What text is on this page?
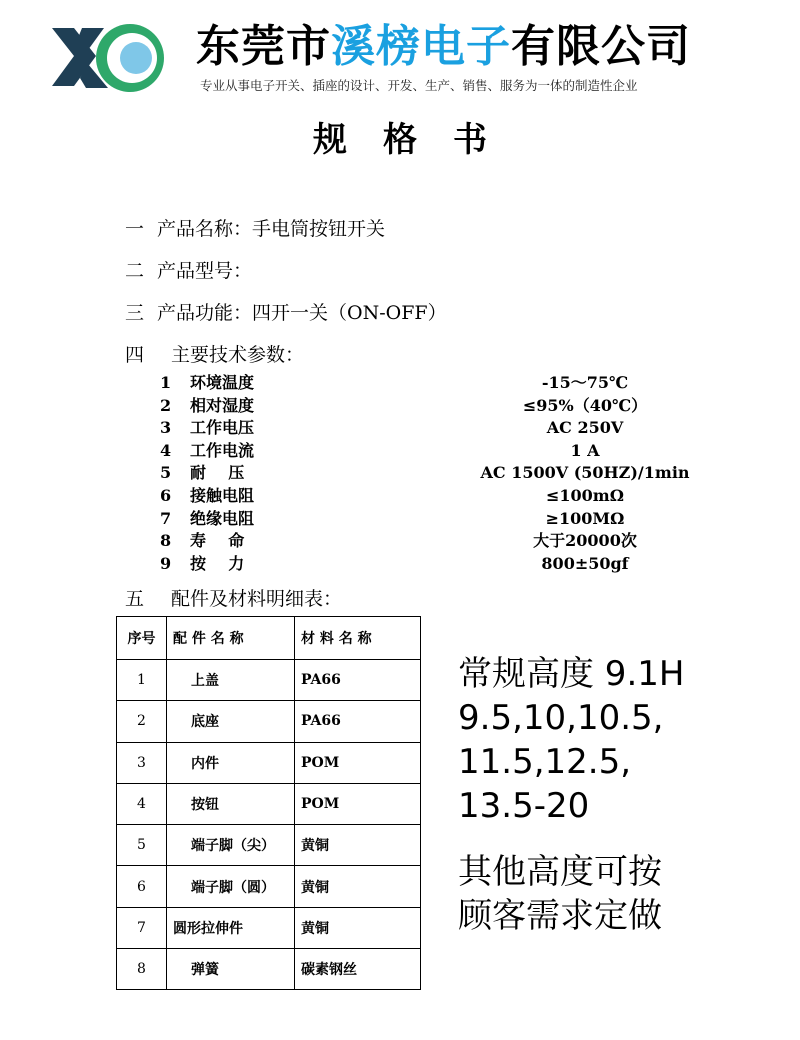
东莞市溪榜电子有限公司
专业从事电子开关、插座的设计、开发、生产、销售、服务为一体的制造性企业
规格书
一 产品名称：手电筒按钮开关
二 产品型号：
三 产品功能：四开一关（ON-OFF）
四 主要技术参数：
1	环境温度	-15～75℃
2	相对湿度	≤95%（40℃）
3	工作电压	AC 250V
4	工作电流	1 A
5	耐    压	AC 1500V (50HZ)/1min
6	接触电阻	≤100mΩ
7	绝缘电阻	≥100MΩ
8	寿    命	大于20000次
9	按    力	800±50gf
五 配件及材料明细表：
序号	配 件 名 称	材 料 名 称
1	上盖	PA66
2	底座	PA66
3	内件	POM
4	按钮	POM
5	端子脚（尖）	黄铜
6	端子脚（圆）	黄铜
7	圆形拉伸件	黄铜
8	弹簧	碳素钢丝
常规高度 9.1H
9.5,10,10.5,
11.5,12.5,
13.5-20
其他高度可按
顾客需求定做
